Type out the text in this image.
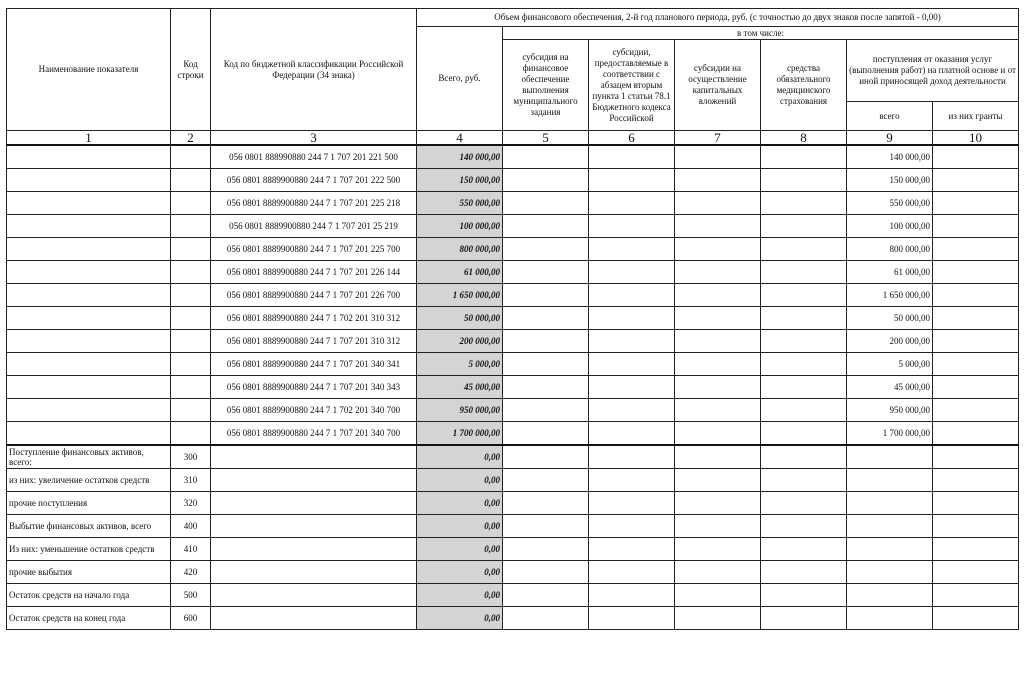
Наименование показателя	Код строки	Код по бюджетной классификации Российской Федерации (34 знака)	Объем финансового обеспечения, 2-й год планового периода, руб. (с точностью до двух знаков после запятой - 0,00)						
			Всего, руб.	в том числе:					
				субсидия на финансовое обеспечение выполнения муниципального задания	субсидии, предоставляемые в соответствии с абзацем вторым пункта 1 статьи 78.1 Бюджетного кодекса Российской	субсидии на осуществление капитальных вложений	средства обязательного медицинского страхования	поступления от оказания услуг (выполнения работ) на платной основе и от иной приносящей доход деятельности	
								всего	из них гранты
1	2	3	4	5	6	7	8	9	10
		056 0801 888990880 244 7 1 707 201 221 500	140 000,00					140 000,00	
		056 0801 8889900880 244 7 1 707 201 222 500	150 000,00					150 000,00	
		056 0801 8889900880 244 7 1 707 201 225 218	550 000,00					550 000,00	
		056 0801 8889900880 244 7 1 707 201 25 219	100 000,00					100 000,00	
		056 0801 8889900880 244 7 1 707 201 225 700	800 000,00					800 000,00	
		056 0801 8889900880 244 7 1 707 201 226 144	61 000,00					61 000,00	
		056 0801 8889900880 244 7 1 707 201 226 700	1 650 000,00					1 650 000,00	
		056 0801 8889900880 244 7 1 702 201 310 312	50 000,00					50 000,00	
		056 0801 8889900880 244 7 1 707 201 310 312	200 000,00					200 000,00	
		056 0801 8889900880 244 7 1 707 201 340 341	5 000,00					5 000,00	
		056 0801 8889900880 244 7 1 707 201 340 343	45 000,00					45 000,00	
		056 0801 8889900880 244 7 1 702 201 340 700	950 000,00					950 000,00	
		056 0801 8889900880 244 7 1 707 201 340 700	1 700 000,00					1 700 000,00	
Поступление финансовых активов, всего:	300		0,00						
из них: увеличение остатков средств	310		0,00						
прочие поступления	320		0,00						
Выбытие финансовых активов, всего	400		0,00						
Из них: уменьшение остатков средств	410		0,00						
прочие выбытия	420		0,00						
Остаток средств на начало года	500		0,00						
Остаток средств на конец года	600		0,00						
